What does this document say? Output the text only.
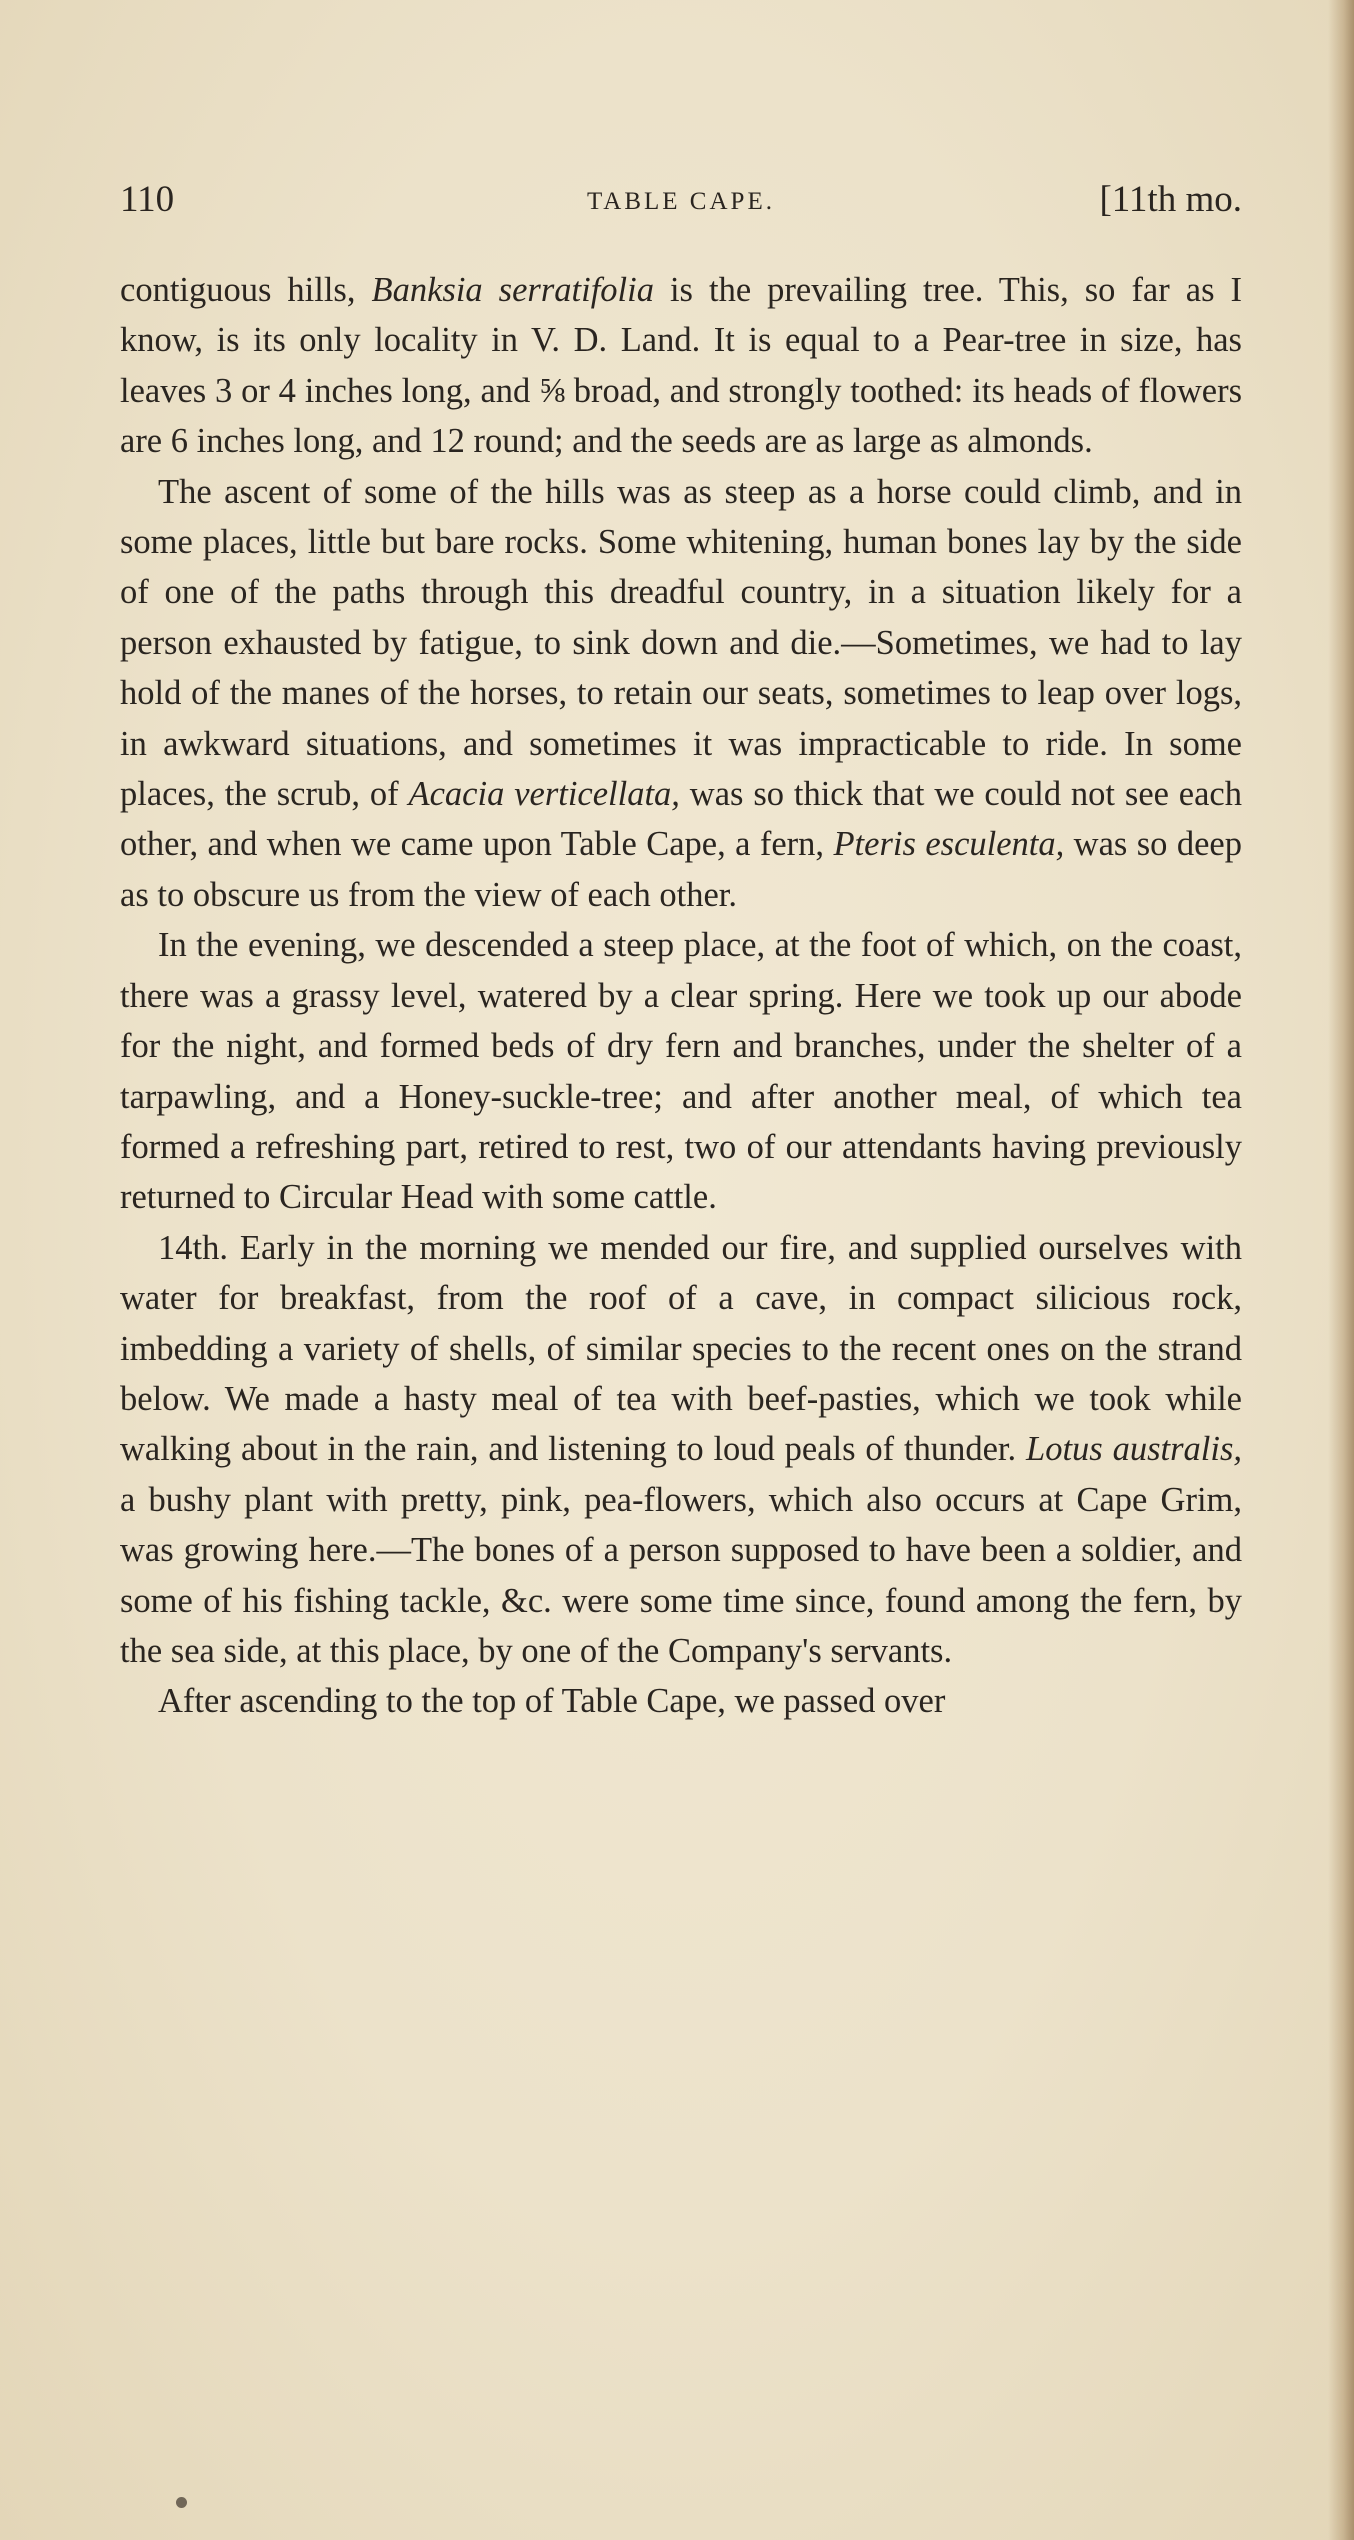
110	TABLE CAPE.	[11th mo.

contiguous hills, Banksia serratifolia is the prevailing tree. This, so far as I know, is its only locality in V. D. Land. It is equal to a Pear-tree in size, has leaves 3 or 4 inches long, and ⅝ broad, and strongly toothed: its heads of flowers are 6 inches long, and 12 round; and the seeds are as large as almonds.

The ascent of some of the hills was as steep as a horse could climb, and in some places, little but bare rocks. Some whitening, human bones lay by the side of one of the paths through this dreadful country, in a situation likely for a person exhausted by fatigue, to sink down and die.—Sometimes, we had to lay hold of the manes of the horses, to retain our seats, sometimes to leap over logs, in awkward situations, and sometimes it was impracticable to ride. In some places, the scrub, of Acacia verticellata, was so thick that we could not see each other, and when we came upon Table Cape, a fern, Pteris esculenta, was so deep as to obscure us from the view of each other.

In the evening, we descended a steep place, at the foot of which, on the coast, there was a grassy level, watered by a clear spring. Here we took up our abode for the night, and formed beds of dry fern and branches, under the shelter of a tarpawling, and a Honey-suckle-tree; and after another meal, of which tea formed a refreshing part, retired to rest, two of our attendants having previously returned to Circular Head with some cattle.

14th. Early in the morning we mended our fire, and supplied ourselves with water for breakfast, from the roof of a cave, in compact silicious rock, imbedding a variety of shells, of similar species to the recent ones on the strand below. We made a hasty meal of tea with beef-pasties, which we took while walking about in the rain, and listening to loud peals of thunder. Lotus australis, a bushy plant with pretty, pink, pea-flowers, which also occurs at Cape Grim, was growing here.—The bones of a person supposed to have been a soldier, and some of his fishing tackle, &c. were some time since, found among the fern, by the sea side, at this place, by one of the Company's servants.

After ascending to the top of Table Cape, we passed over
